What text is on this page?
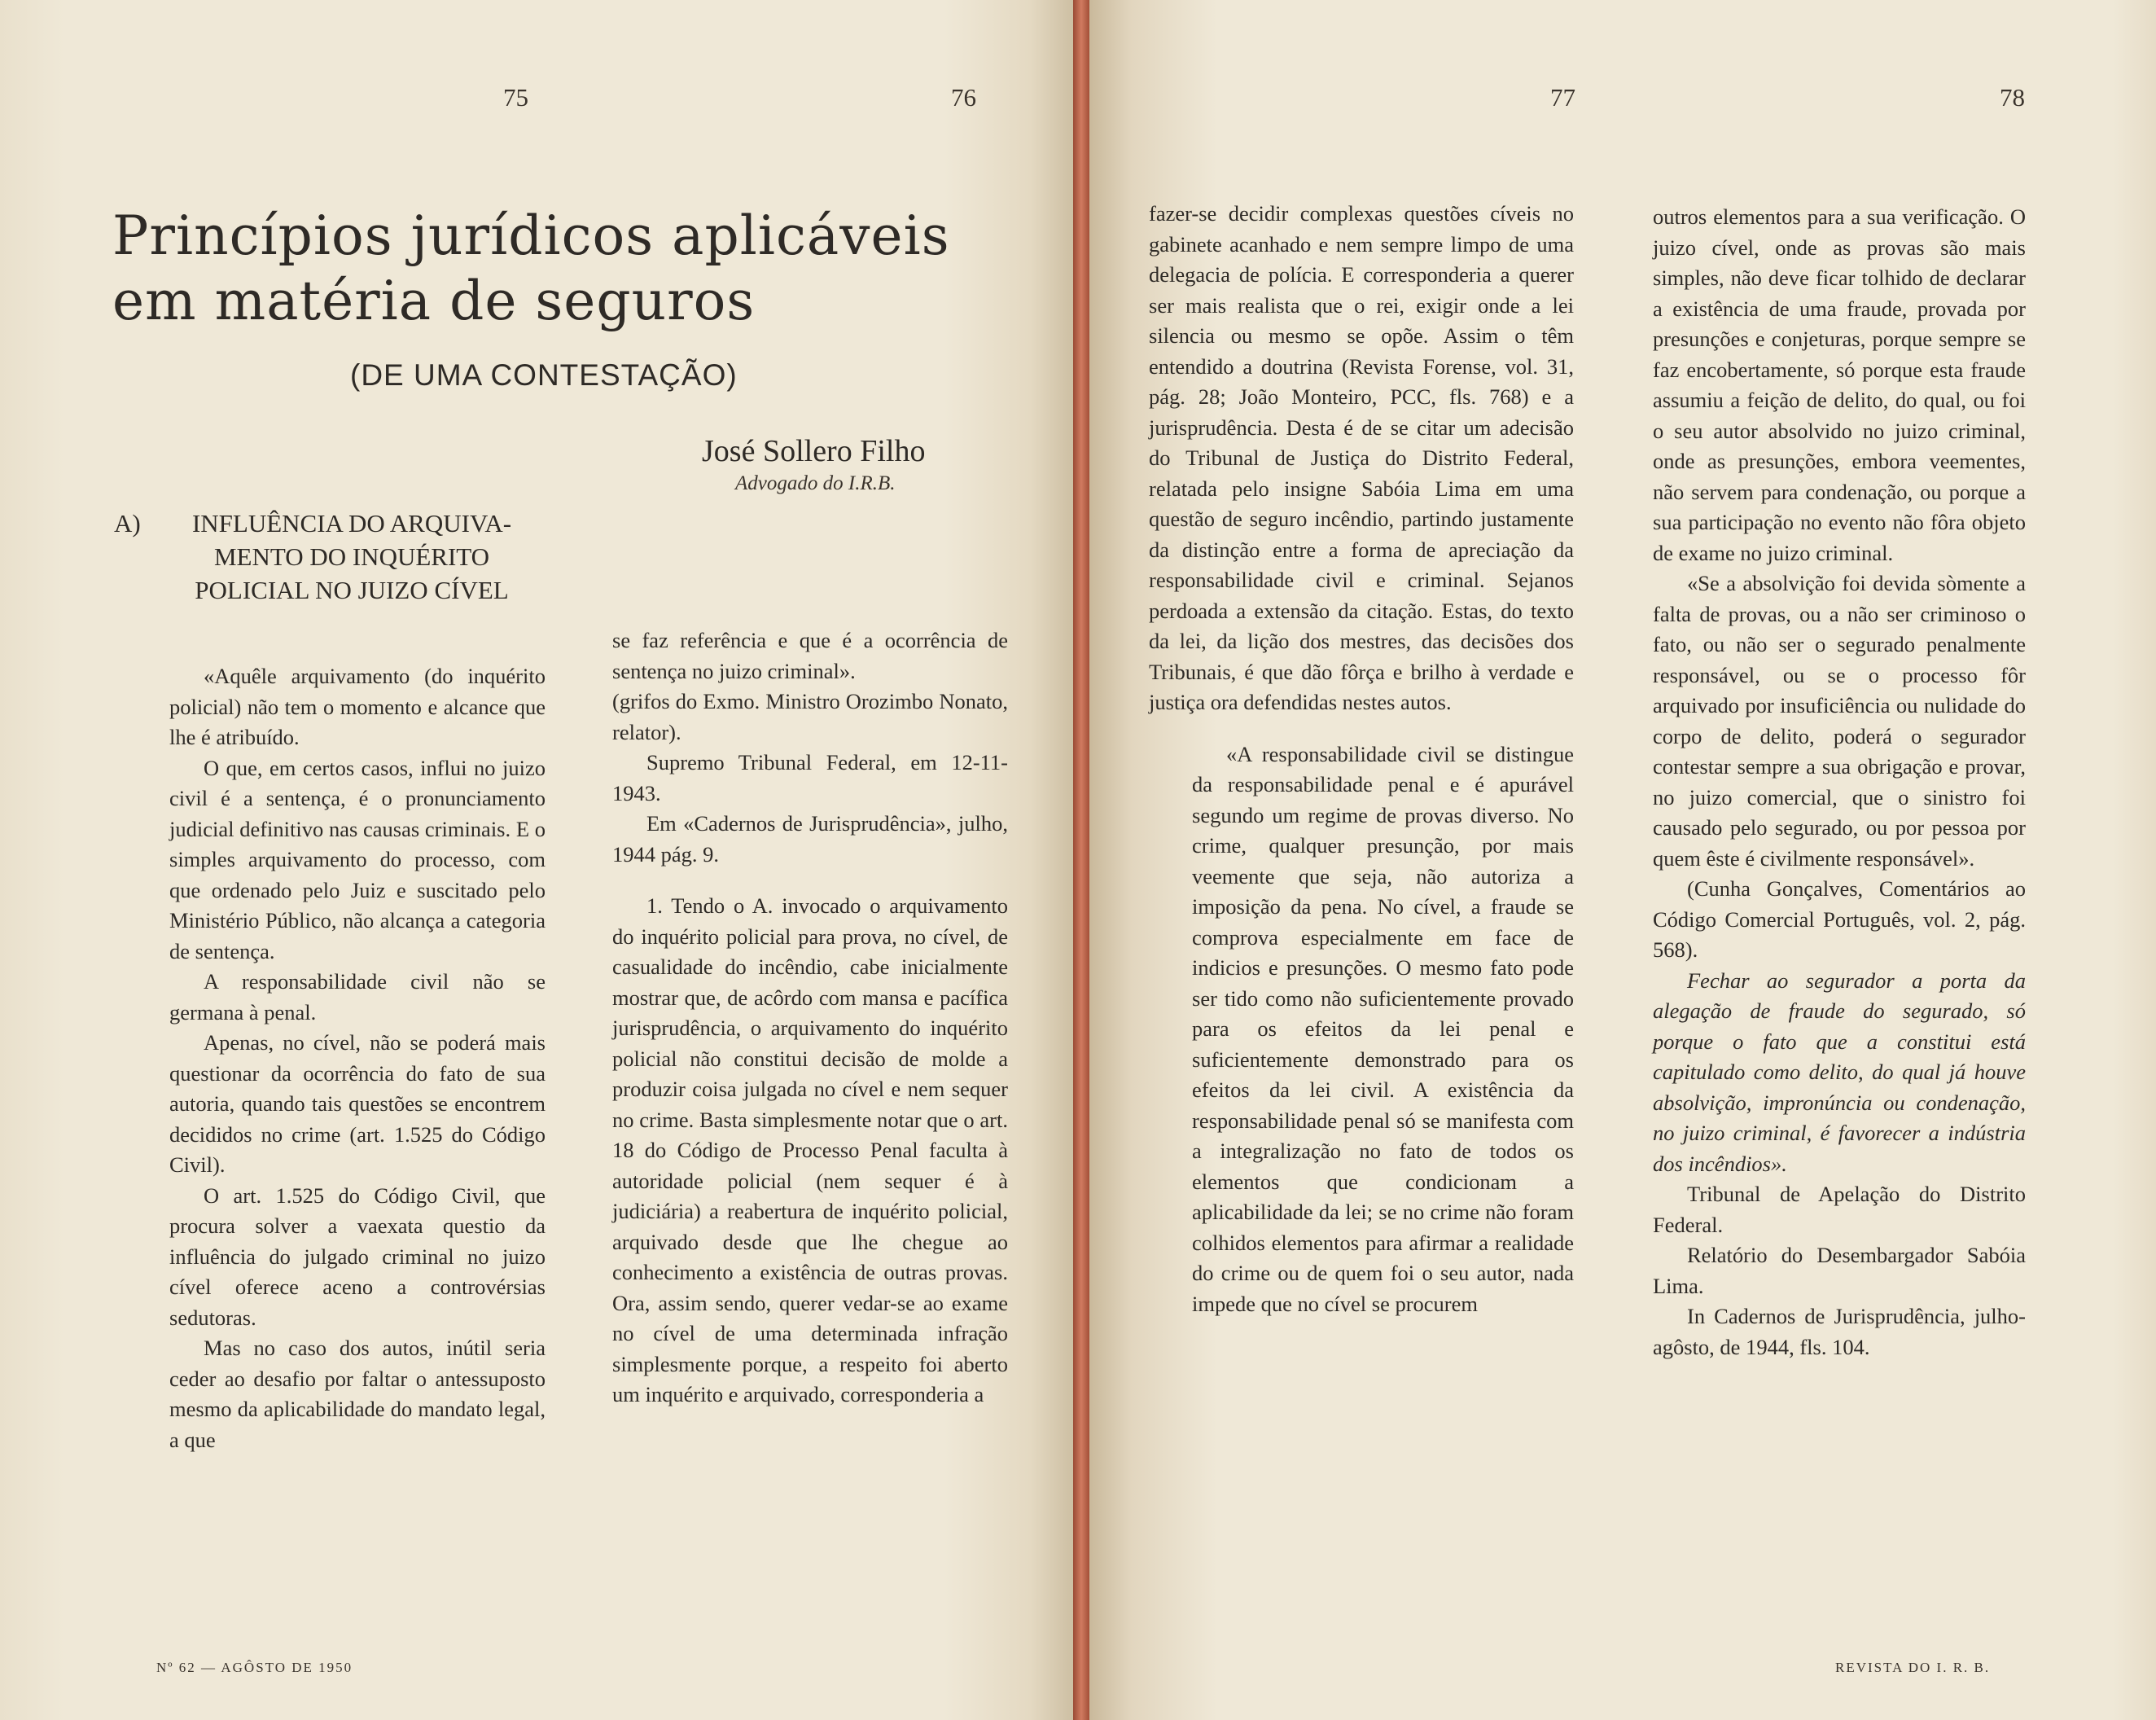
75	76
Princípios jurídicos aplicáveis
em matéria de seguros
(DE UMA CONTESTAÇÃO)
José Sollero Filho
Advogado do I.R.B.
A)	INFLUÊNCIA DO ARQUIVA-MENTO DO INQUÉRITO POLICIAL NO JUIZO CÍVEL

«Aquêle arquivamento (do inquérito policial) não tem o momento e alcance que lhe é atribuído.

O que, em certos casos, influi no juizo civil é a sentença, é o pronunciamento judicial definitivo nas causas criminais. E o simples arquivamento do processo, com que ordenado pelo Juiz e suscitado pelo Ministério Público, não alcança a categoria de sentença.

A responsabilidade civil não se germana à penal.

Apenas, no cível, não se poderá mais questionar da ocorrência do fato de sua autoria, quando tais questões se encontrem decididos no crime (art. 1.525 do Código Civil).

O art. 1.525 do Código Civil, que procura solver a vaexata questio da influência do julgado criminal no juizo cível oferece aceno a controvérsias sedutoras.

Mas no caso dos autos, inútil seria ceder ao desafio por faltar o antessuposto mesmo da aplicabilidade do mandato legal, a que

se faz referência e que é a ocorrência de sentença no juizo criminal».

(grifos do Exmo. Ministro Orozimbo Nonato, relator).

Supremo Tribunal Federal, em 12-11-1943.

Em «Cadernos de Jurisprudência», julho, 1944 pág. 9.

1. Tendo o A. invocado o arquivamento do inquérito policial para prova, no cível, de casualidade do incêndio, cabe inicialmente mostrar que, de acôrdo com mansa e pacífica jurisprudência, o arquivamento do inquérito policial não constitui decisão de molde a produzir coisa julgada no cível e nem sequer no crime. Basta simplesmente notar que o art. 18 do Código de Processo Penal faculta à autoridade policial (nem sequer é à judiciária) a reabertura de inquérito policial, arquivado desde que lhe chegue ao conhecimento a existência de outras provas. Ora, assim sendo, querer vedar-se ao exame no cível de uma determinada infração simplesmente porque, a respeito foi aberto um inquérito e arquivado, corresponderia a

Nº 62 — AGÔSTO DE 1950
77	78

fazer-se decidir complexas questões cíveis no gabinete acanhado e nem sempre limpo de uma delegacia de polícia. E corresponderia a querer ser mais realista que o rei, exigir onde a lei silencia ou mesmo se opõe. Assim o têm entendido a doutrina (Revista Forense, vol. 31, pág. 28; João Monteiro, PCC, fls. 768) e a jurisprudência. Desta é de se citar um adecisão do Tribunal de Justiça do Distrito Federal, relatada pelo insigne Sabóia Lima em uma questão de seguro incêndio, partindo justamente da distinção entre a forma de apreciação da responsabilidade civil e criminal. Sejanos perdoada a extensão da citação. Estas, do texto da lei, da lição dos mestres, das decisões dos Tribunais, é que dão fôrça e brilho à verdade e justiça ora defendidas nestes autos.

«A responsabilidade civil se distingue da responsabilidade penal e é apurável segundo um regime de provas diverso. No crime, qualquer presunção, por mais veemente que seja, não autoriza a imposição da pena. No cível, a fraude se comprova especialmente em face de indicios e presunções. O mesmo fato pode ser tido como não suficientemente provado para os efeitos da lei penal e suficientemente demonstrado para os efeitos da lei civil. A existência da responsabilidade penal só se manifesta com a integralização no fato de todos os elementos que condicionam a aplicabilidade da lei; se no crime não foram colhidos elementos para afirmar a realidade do crime ou de quem foi o seu autor, nada impede que no cível se procurem

outros elementos para a sua verificação. O juizo cível, onde as provas são mais simples, não deve ficar tolhido de declarar a existência de uma fraude, provada por presunções e conjeturas, porque sempre se faz encobertamente, só porque esta fraude assumiu a feição de delito, do qual, ou foi o seu autor absolvido no juizo criminal, onde as presunções, embora veementes, não servem para condenação, ou porque a sua participação no evento não fôra objeto de exame no juizo criminal.

«Se a absolvição foi devida sòmente a falta de provas, ou a não ser criminoso o fato, ou não ser o segurado penalmente responsável, ou se o processo fôr arquivado por insuficiência ou nulidade do corpo de delito, poderá o segurador contestar sempre a sua obrigação e provar, no juizo comercial, que o sinistro foi causado pelo segurado, ou por pessoa por quem êste é civilmente responsável».

(Cunha Gonçalves, Comentários ao Código Comercial Português, vol. 2, pág. 568).

Fechar ao segurador a porta da alegação de fraude do segurado, só porque o fato que a constitui está capitulado como delito, do qual já houve absolvição, impronúncia ou condenação, no juizo criminal, é favorecer a indústria dos incêndios».

Tribunal de Apelação do Distrito Federal.

Relatório do Desembargador Sabóia Lima.

In Cadernos de Jurisprudência, julho-agôsto, de 1944, fls. 104.

REVISTA DO I. R. B.
